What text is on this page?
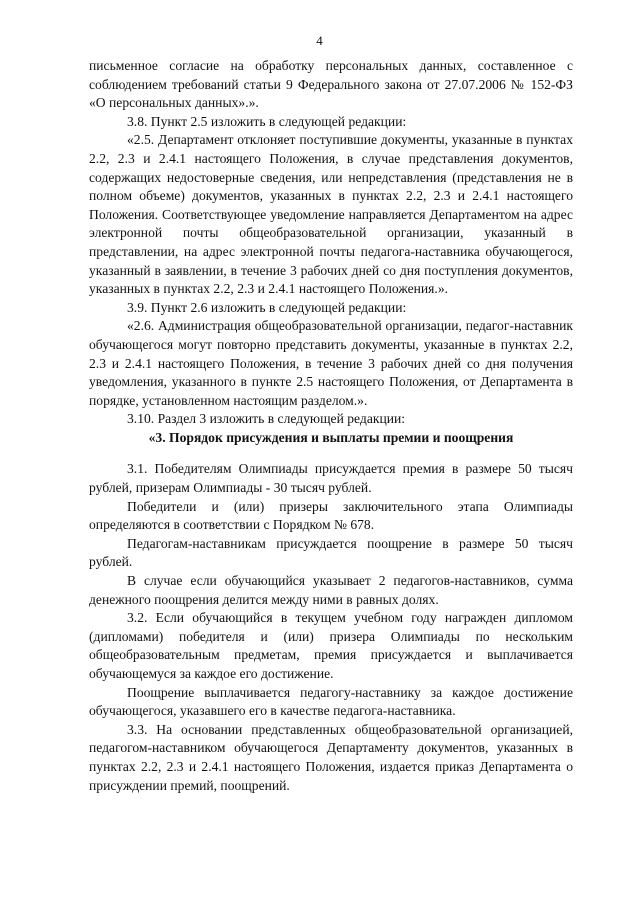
4

письменное согласие на обработку персональных данных, составленное с соблюдением требований статьи 9 Федерального закона от 27.07.2006 № 152-ФЗ «О персональных данных».».

3.8. Пункт 2.5 изложить в следующей редакции:

«2.5. Департамент отклоняет поступившие документы, указанные в пунктах 2.2, 2.3 и 2.4.1 настоящего Положения, в случае представления документов, содержащих недостоверные сведения, или непредставления (представления не в полном объеме) документов, указанных в пунктах 2.2, 2.3 и 2.4.1 настоящего Положения. Соответствующее уведомление направляется Департаментом на адрес электронной почты общеобразовательной организации, указанный в представлении, на адрес электронной почты педагога-наставника обучающегося, указанный в заявлении, в течение 3 рабочих дней со дня поступления документов, указанных в пунктах 2.2, 2.3 и 2.4.1 настоящего Положения.».

3.9. Пункт 2.6 изложить в следующей редакции:

«2.6. Администрация общеобразовательной организации, педагог-наставник обучающегося могут повторно представить документы, указанные в пунктах 2.2, 2.3 и 2.4.1 настоящего Положения, в течение 3 рабочих дней со дня получения уведомления, указанного в пункте 2.5 настоящего Положения, от Департамента в порядке, установленном настоящим разделом.».

3.10. Раздел 3 изложить в следующей редакции:

«3. Порядок присуждения и выплаты премии и поощрения

3.1. Победителям Олимпиады присуждается премия в размере 50 тысяч рублей, призерам Олимпиады - 30 тысяч рублей.

Победители и (или) призеры заключительного этапа Олимпиады определяются в соответствии с Порядком № 678.

Педагогам-наставникам присуждается поощрение в размере 50 тысяч рублей.

В случае если обучающийся указывает 2 педагогов-наставников, сумма денежного поощрения делится между ними в равных долях.

3.2. Если обучающийся в текущем учебном году награжден дипломом (дипломами) победителя и (или) призера Олимпиады по нескольким общеобразовательным предметам, премия присуждается и выплачивается обучающемуся за каждое его достижение.

Поощрение выплачивается педагогу-наставнику за каждое достижение обучающегося, указавшего его в качестве педагога-наставника.

3.3. На основании представленных общеобразовательной организацией, педагогом-наставником обучающегося Департаменту документов, указанных в пунктах 2.2, 2.3 и 2.4.1 настоящего Положения, издается приказ Департамента о присуждении премий, поощрений.
